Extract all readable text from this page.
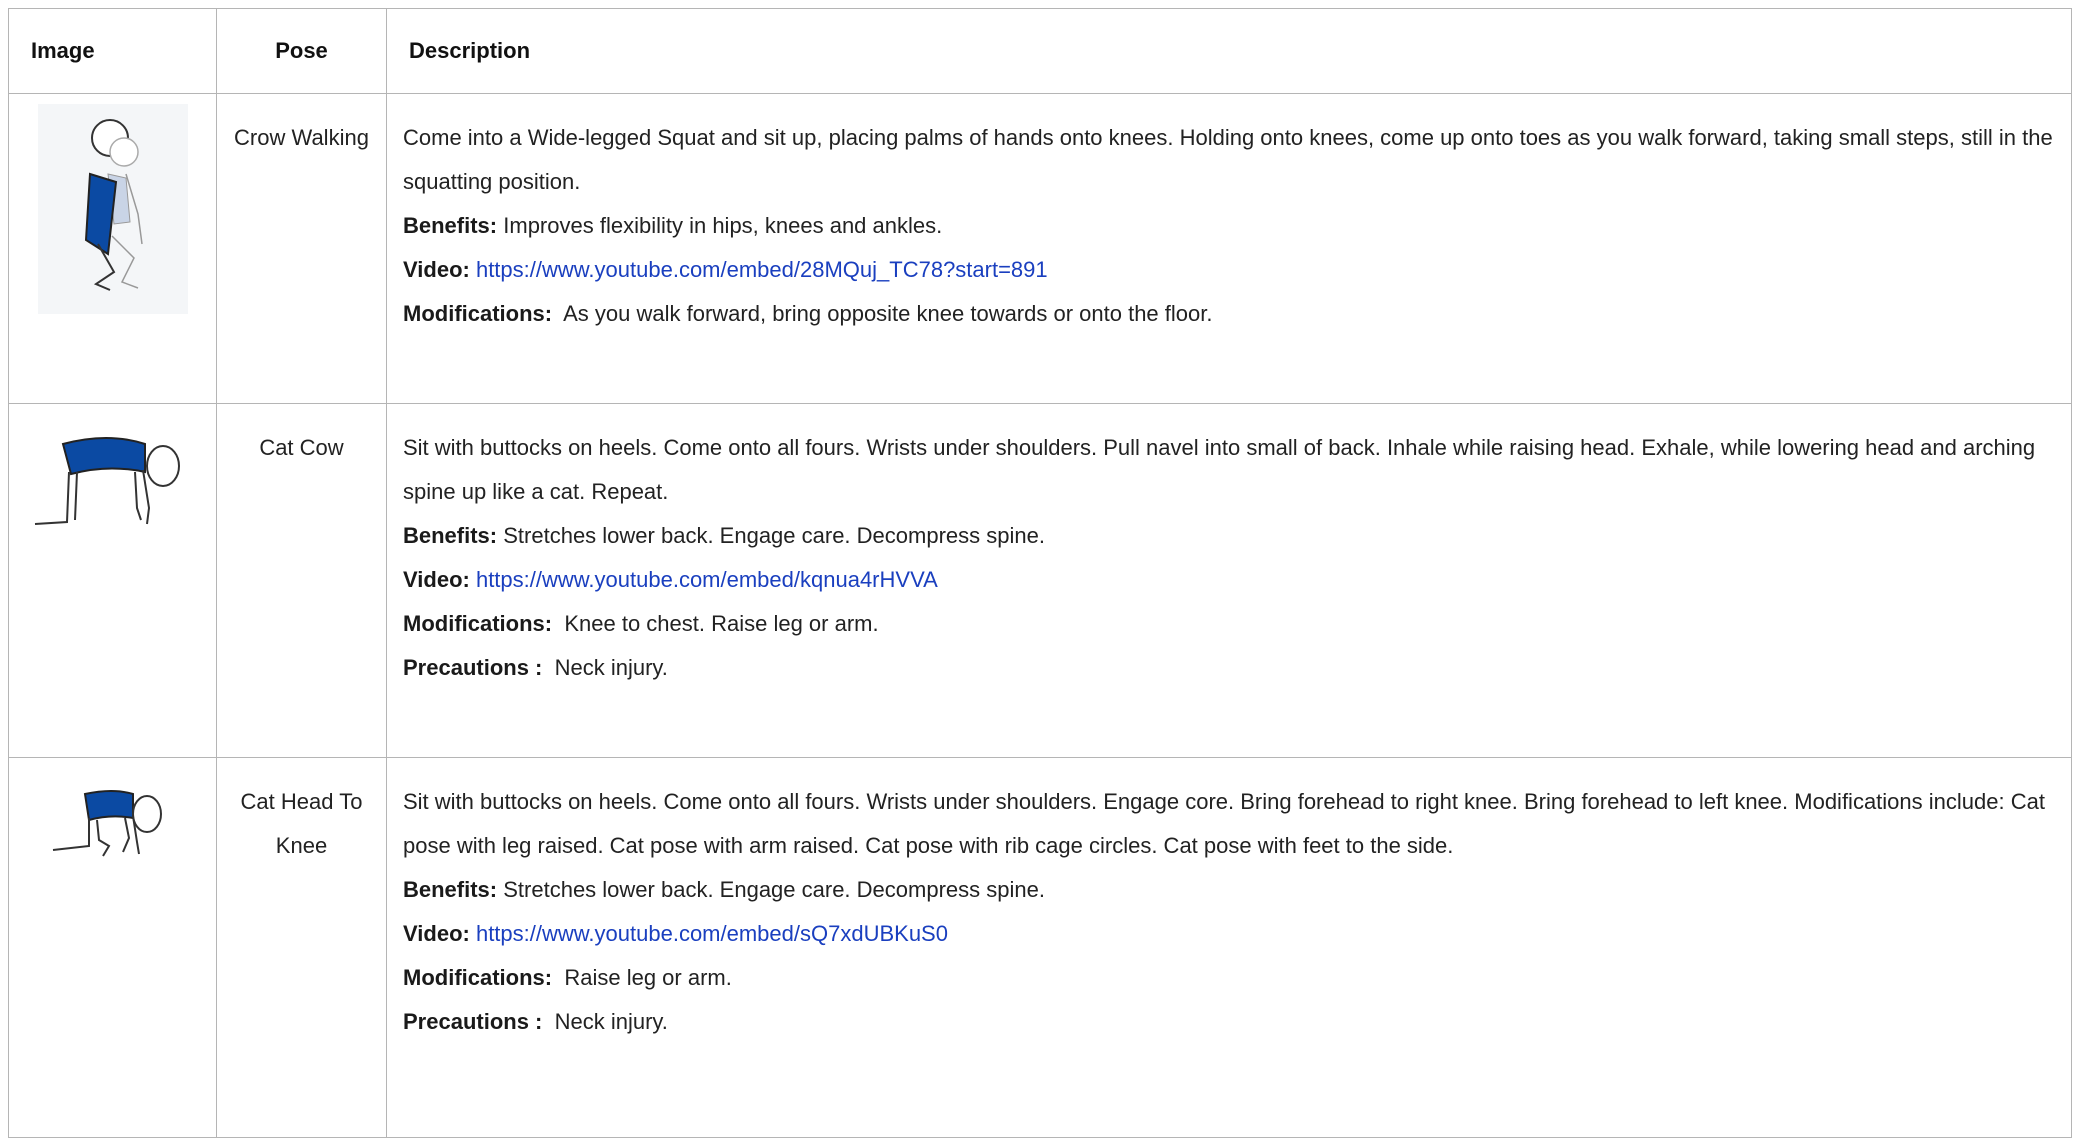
Image	Pose	Description

	Crow Walking	Come into a Wide-legged Squat and sit up, placing palms of hands onto knees. Holding onto knees, come up onto toes as you walk forward, taking small steps, still in the squatting position.
Benefits: Improves flexibility in hips, knees and ankles.
Video: https://www.youtube.com/embed/28MQuj_TC78?start=891
Modifications: As you walk forward, bring opposite knee towards or onto the floor.

	Cat Cow	Sit with buttocks on heels. Come onto all fours. Wrists under shoulders. Pull navel into small of back. Inhale while raising head. Exhale, while lowering head and arching spine up like a cat. Repeat.
Benefits: Stretches lower back. Engage care. Decompress spine.
Video: https://www.youtube.com/embed/kqnua4rHVVA
Modifications: Knee to chest. Raise leg or arm.
Precautions : Neck injury.

	Cat Head To Knee	Sit with buttocks on heels. Come onto all fours. Wrists under shoulders. Engage core. Bring forehead to right knee. Bring forehead to left knee. Modifications include: Cat pose with leg raised. Cat pose with arm raised. Cat pose with rib cage circles. Cat pose with feet to the side.
Benefits: Stretches lower back. Engage care. Decompress spine.
Video: https://www.youtube.com/embed/sQ7xdUBKuS0
Modifications: Raise leg or arm.
Precautions : Neck injury.
